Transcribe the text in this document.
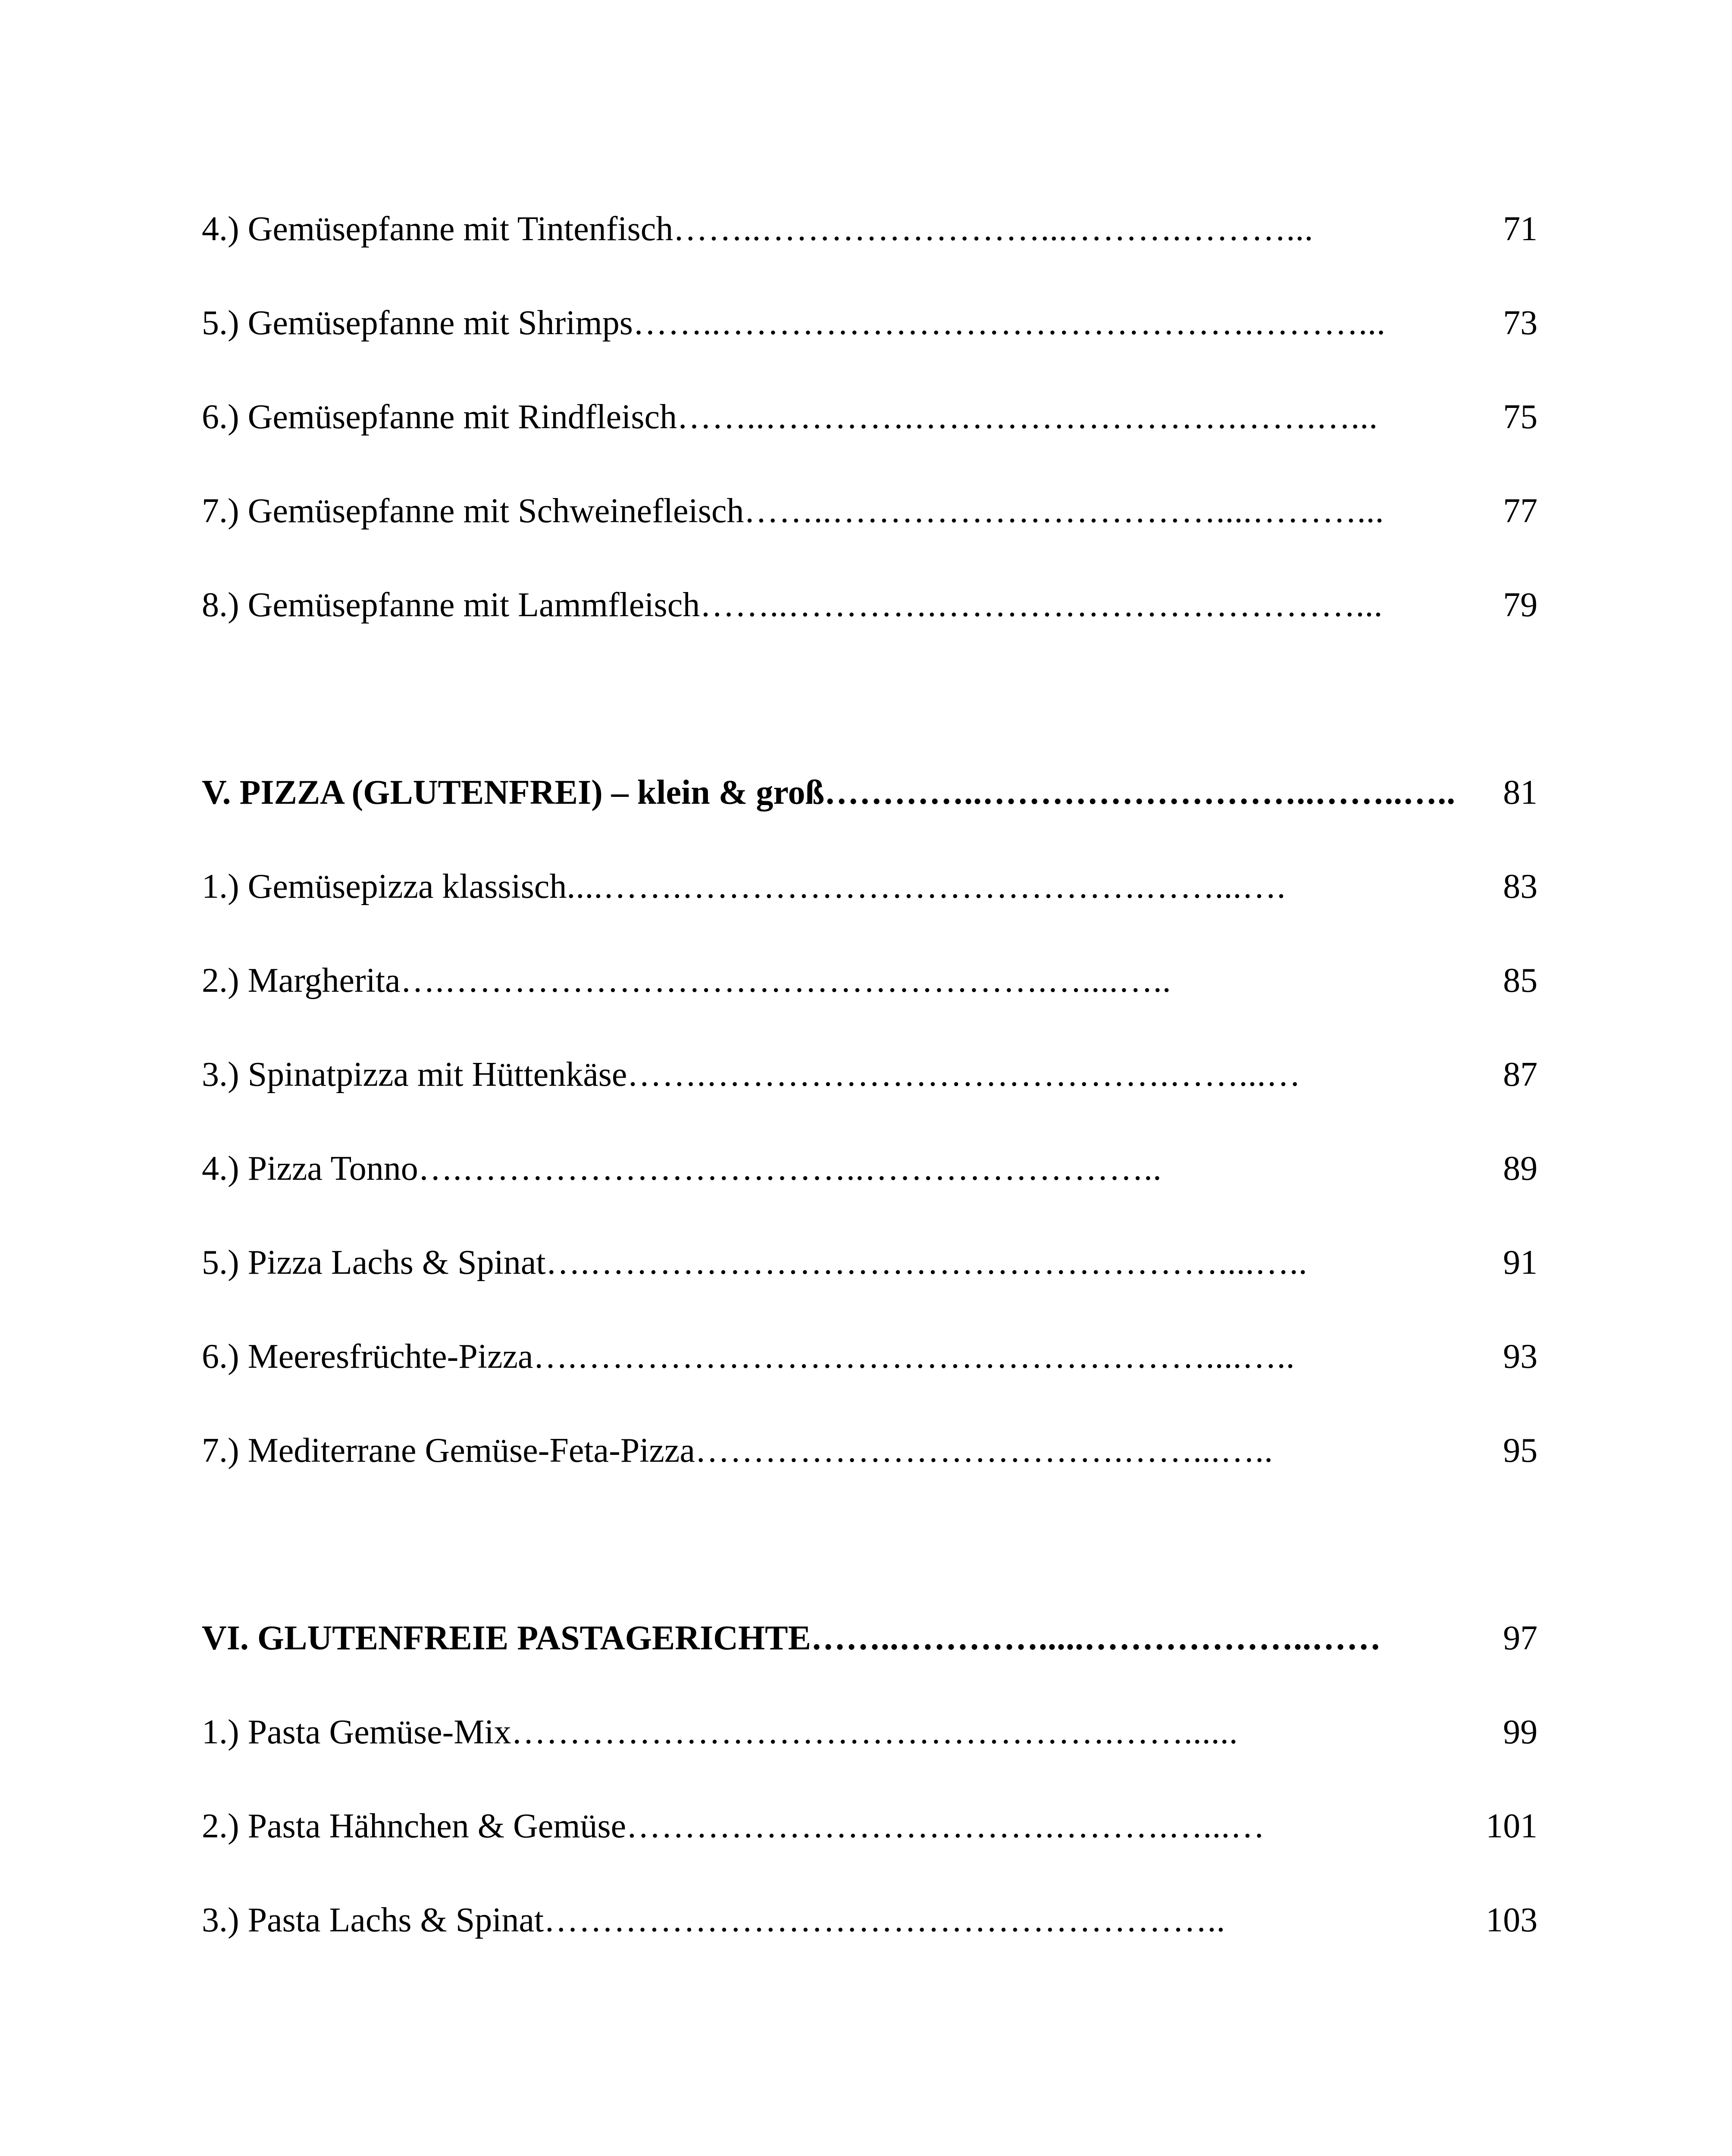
4.) Gemüsepfanne mit Tintenfisch ……..……………………...……….………...	71
5.) Gemüsepfanne mit Shrimps ……..……………………………………….………...	73
6.) Gemüsepfanne mit Rindfleisch ……..………….……………………….…….…...	75
7.) Gemüsepfanne mit Schweinefleisch ……..……………………………....………...	77
8.) Gemüsepfanne mit Lammfleisch ……..………….………………………………...	79
V. PIZZA (GLUTENFREI) – klein & groß …………..………………………..……..…..	81
1.) Gemüsepizza klassisch ....…….………………………………….……...….	83
2.) Margherita ….…………………………………………….…....…..	85
3.) Spinatpizza mit Hüttenkäse …….………………………………….……...…	87
4.) Pizza Tonno ….……………………………..……………………..	89
5.) Pizza Lachs & Spinat ….………………………………………………....…..	91
6.) Meeresfrüchte-Pizza ….………………………………………………....…..	93
7.) Mediterrane Gemüse-Feta-Pizza ……………………………….……...…..	95
VI. GLUTENFREIE PASTAGERICHTE ……..………….....………………..……	97
1.) Pasta Gemüse-Mix …………………………………………….……......	99
2.) Pasta Hähnchen & Gemüse ……………………………….……….…...…	101
3.) Pasta Lachs & Spinat …………………………………………………..	103
